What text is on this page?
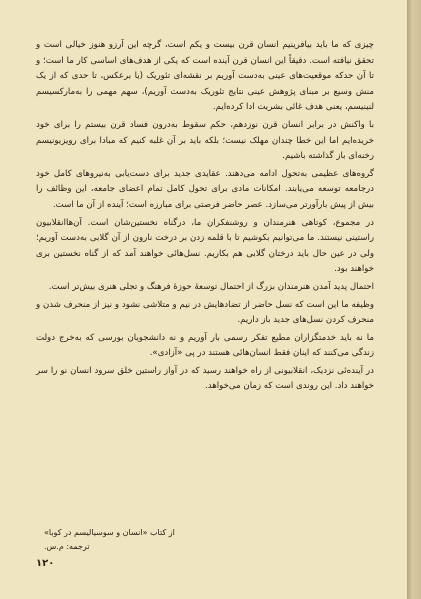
چیزی که ما باید بیافرینیم انسان قرن بیست و یکم است، گرچه این آرزو هنوز خیالی است و تحقق نیافته است. دقیقاً این انسان قرن آینده است که یکی از هدف‌های اساسی کار ما است؛ و تا آن حدکه موقعیت‌های عینی به‌دست آوریم بر نقشه‌ای تئوریک (یا برعکس، تا حدی که از یک منش وسیع بر مبنای پژوهش عینی نتایج تئوریک به‌دست آوریم)، سهم مهمی را به‌مارکسیسم لنینیسم، یعنی هدف غائی بشریت ادا کرده‌ایم.

با واکنش در برابر انسان قرن نوزدهم، حکم سقوط به‌درون فساد قرن بیستم را برای خود خریده‌ایم اما این خطا چندان مهلک نیست؛ بلکه باید بر آن غلبه کنیم که مبادا برای رویزیونیسم رخنه‌ای باز گذاشته باشیم.

گروه‌های عظیمی به‌تحول ادامه می‌دهند. عقایدی جدید برای دست‌یابی به‌نیروهای کامل خود درجامعه توسعه می‌یابند. امکانات مادی برای تحول کامل تمام اعضای جامعه، این وظائف را بیش از پیش بارآورتر می‌سازد. عصر حاضر فرصتی برای مبارزه است؛ آینده از آن ما است.

در مجموع، کوتاهی هنرمندان و روشنفکران ما، درگناه نخستین‌شان است. آن‌هاانقلابیون راستینی نیستند. ما می‌توانیم بکوشیم تا با قلمه زدن بر درخت نارون از آن گلابی به‌دست آوریم؛ ولی در عین حال باید درختان گلابی هم بکاریم. نسل‌هائی خواهند آمد که از گناه نخستین بری خواهند بود.

احتمال پدید آمدن هنرمندان بزرگ از احتمال توسعهٔ حوزهٔ فرهنگ و تجلی هنری بیش‌تر است.

وظیفه ما این است که نسل حاضر از تضادهایش در نیم و متلاشی نشود و نیز از منحرف شدن و منحرف کردن نسل‌های جدید باز داریم.

ما نه باید خدمتگزاران مطیع تفکر رسمی بار آوریم و نه دانشجویان بورسی که به‌خرج دولت زندگی می‌کنند که اینان فقط انسان‌هائی هستند در پی «آزادی».

در آینده‌ئی نزدیک، انقلابیونی از راه خواهند رسید که در آواز راستین خلق سرود انسان نو را سر خواهند داد. این روندی است که زمان می‌خواهد.

از کتاب «انسان و سوسیالیسم در کوبا»
ترجمه: م.س.
۱۲۰
